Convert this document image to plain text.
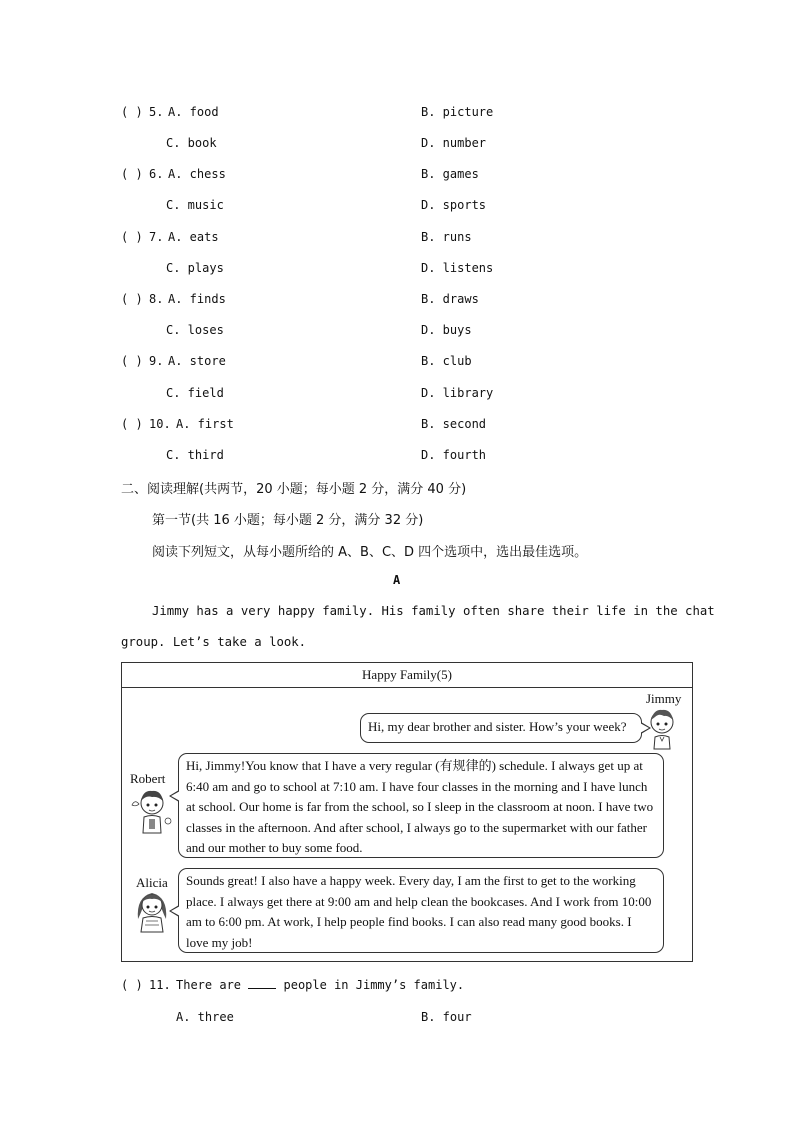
( ) 5. A. food	B. picture
C. book	D. number
( ) 6. A. chess	B. games
C. music	D. sports
( ) 7. A. eats	B. runs
C. plays	D. listens
( ) 8. A. finds	B. draws
C. loses	D. buys
( ) 9. A. store	B. club
C. field	D. library
( ) 10. A. first	B. second
C. third	D. fourth
二、阅读理解(共两节，20 小题；每小题 2 分，满分 40 分)
第一节(共 16 小题；每小题 2 分，满分 32 分)
阅读下列短文，从每小题所给的 A、B、C、D 四个选项中，选出最佳选项。
A
Jimmy has a very happy family. His family often share their life in the chat
group. Let’s take a look.
Happy Family(5)
Jimmy
Hi, my dear brother and sister. How’s your week?
Robert
Hi, Jimmy!You know that I have a very regular (有规律的) schedule. I always get up at 6:40 am and go to school at 7:10 am. I have four classes in the morning and I have lunch at school. Our home is far from the school, so I sleep in the classroom at noon. I have two classes in the afternoon. And after school, I always go to the supermarket with our father and our mother to buy some food.
Alicia	Sounds great! I also have a happy week. Every day, I am the first to get to the working place. I always get there at 9:00 am and help clean the bookcases. And I work from 10:00 am to 6:00 pm. At work, I help people find books. I can also read many good books. I love my job!
( ) 11. There are	people in Jimmy’s family.
A. three	B. four
